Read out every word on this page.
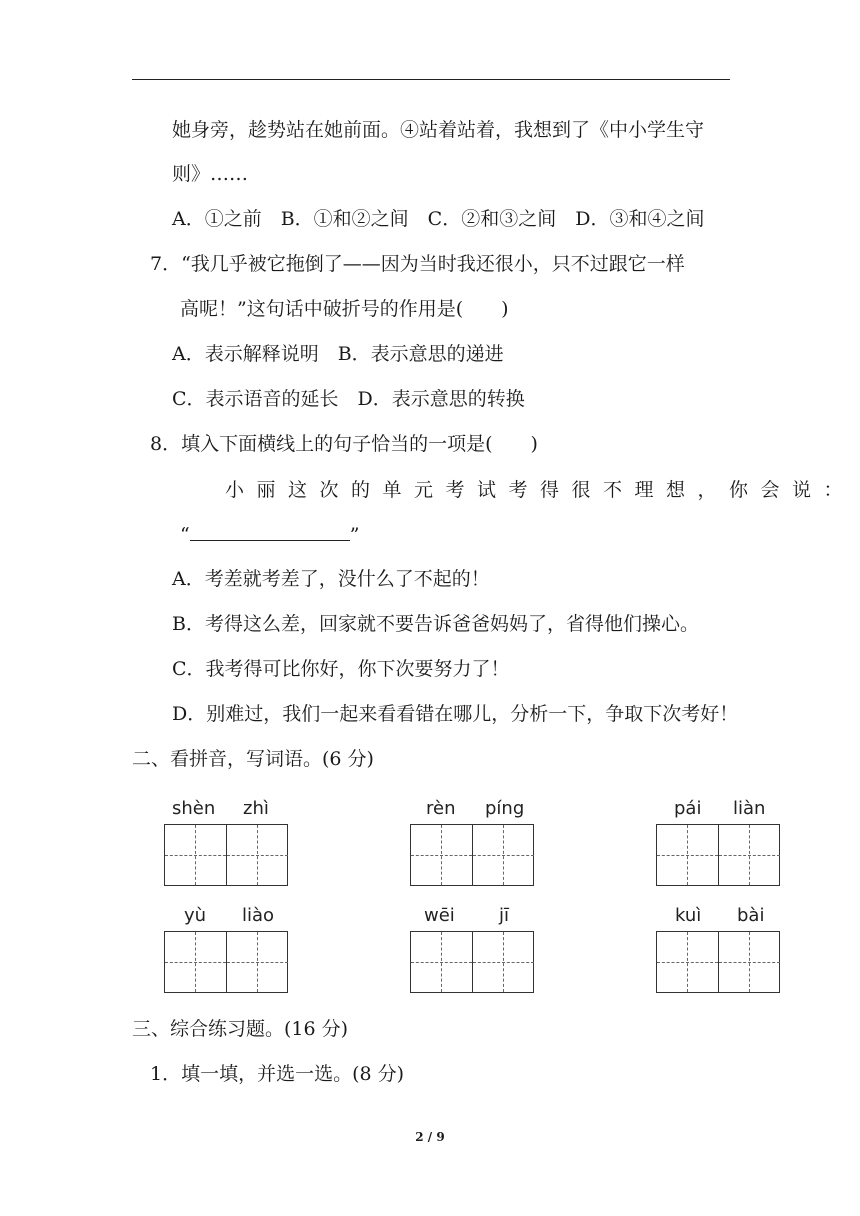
她身旁，趁势站在她前面。④站着站着，我想到了《中小学生守
则》……
A．①之前　B．①和②之间　C．②和③之间　D．③和④之间
7．“我几乎被它拖倒了——因为当时我还很小，只不过跟它一样
高呢！”这句话中破折号的作用是(　　)
A．表示解释说明　B．表示意思的递进
C．表示语音的延长　D．表示意思的转换
8．填入下面横线上的句子恰当的一项是(　　)
小丽这次的单元考试考得很不理想，你会说：
“	”
A．考差就考差了，没什么了不起的！
B．考得这么差，回家就不要告诉爸爸妈妈了，省得他们操心。
C．我考得可比你好，你下次要努力了！
D．别难过，我们一起来看看错在哪儿，分析一下，争取下次考好！
二、看拼音，写词语。(6 分)
shèn zhì	rèn píng	pái liàn
yù liào	wēi jī	kuì bài
三、综合练习题。(16 分)
1．填一填，并选一选。(8 分)
2 / 9
